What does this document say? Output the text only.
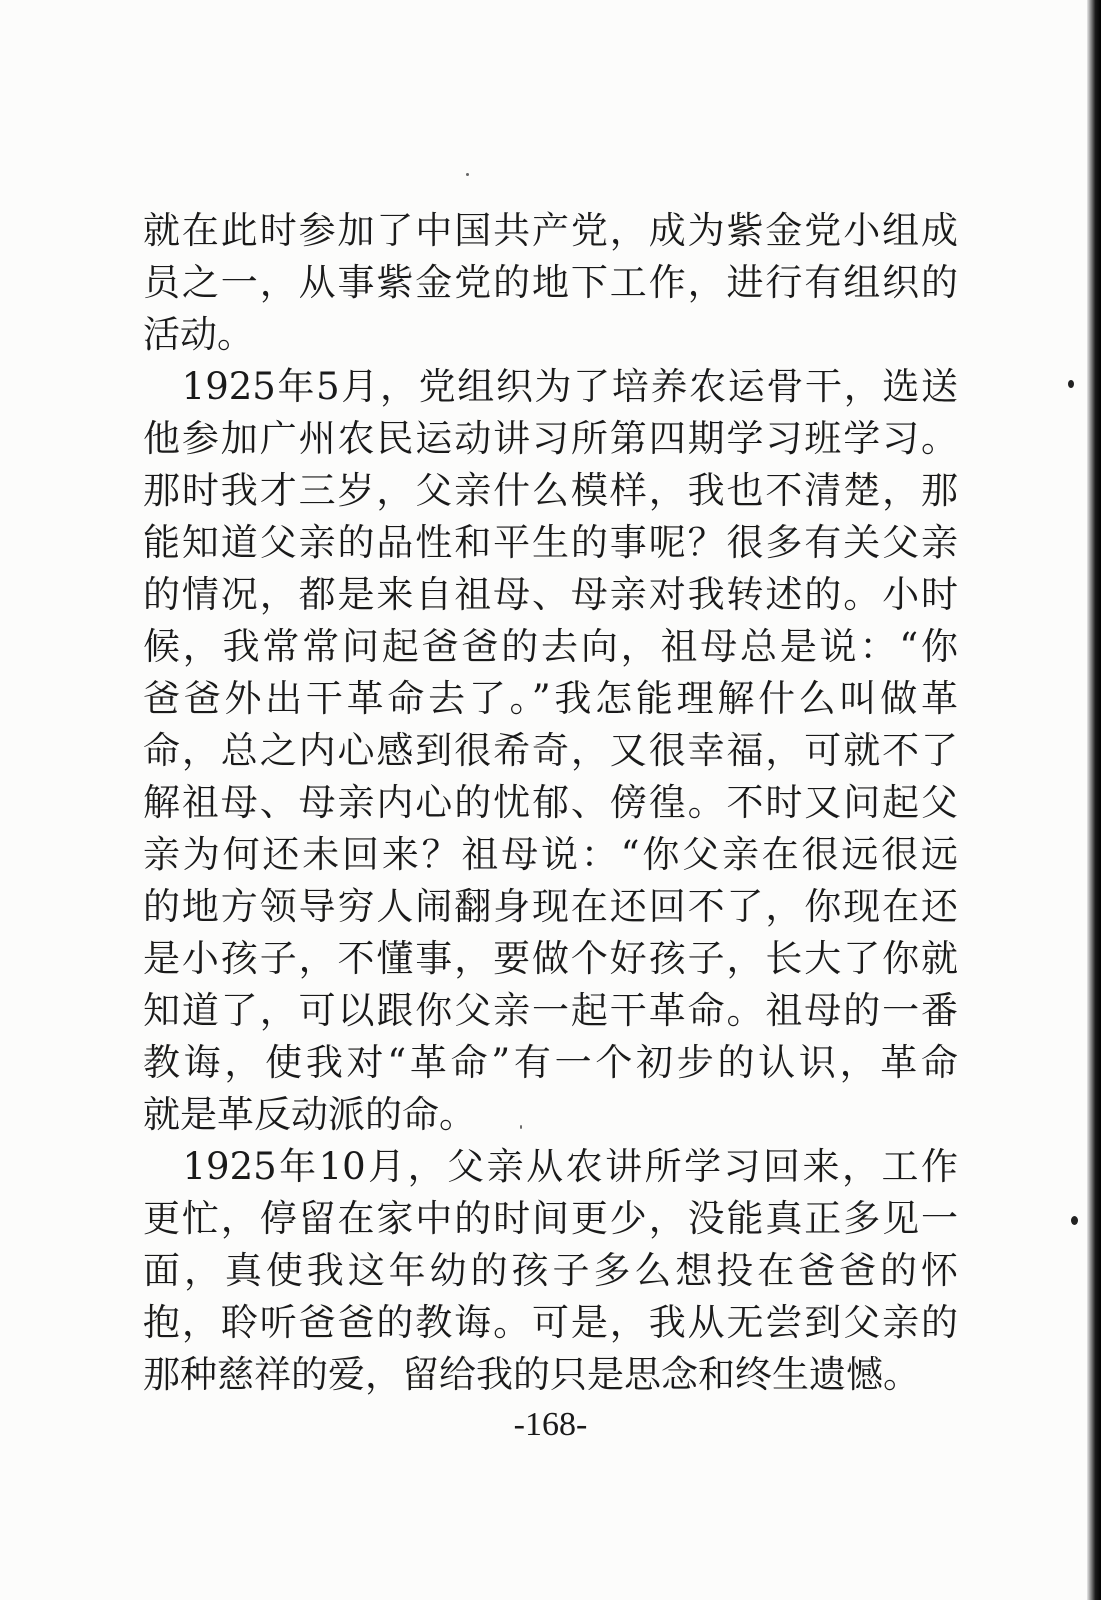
就在此时参加了中国共产党，成为紫金党小组成
员之一，从事紫金党的地下工作，进行有组织的
活动。
　1925年5月，党组织为了培养农运骨干，选送
他参加广州农民运动讲习所第四期学习班学习。
那时我才三岁，父亲什么模样，我也不清楚，那
能知道父亲的品性和平生的事呢？很多有关父亲
的情况，都是来自祖母、母亲对我转述的。小时
候，我常常问起爸爸的去向，祖母总是说：“你
爸爸外出干革命去了。”我怎能理解什么叫做革
命，总之内心感到很希奇，又很幸福，可就不了
解祖母、母亲内心的忧郁、傍徨。不时又问起父
亲为何还未回来？祖母说：“你父亲在很远很远
的地方领导穷人闹翻身现在还回不了，你现在还
是小孩子，不懂事，要做个好孩子，长大了你就
知道了，可以跟你父亲一起干革命。祖母的一番
教诲，使我对“革命”有一个初步的认识，革命
就是革反动派的命。
　1925年10月，父亲从农讲所学习回来，工作
更忙，停留在家中的时间更少，没能真正多见一
面，真使我这年幼的孩子多么想投在爸爸的怀
抱，聆听爸爸的教诲。可是，我从无尝到父亲的
那种慈祥的爱，留给我的只是思念和终生遗憾。
-168-
